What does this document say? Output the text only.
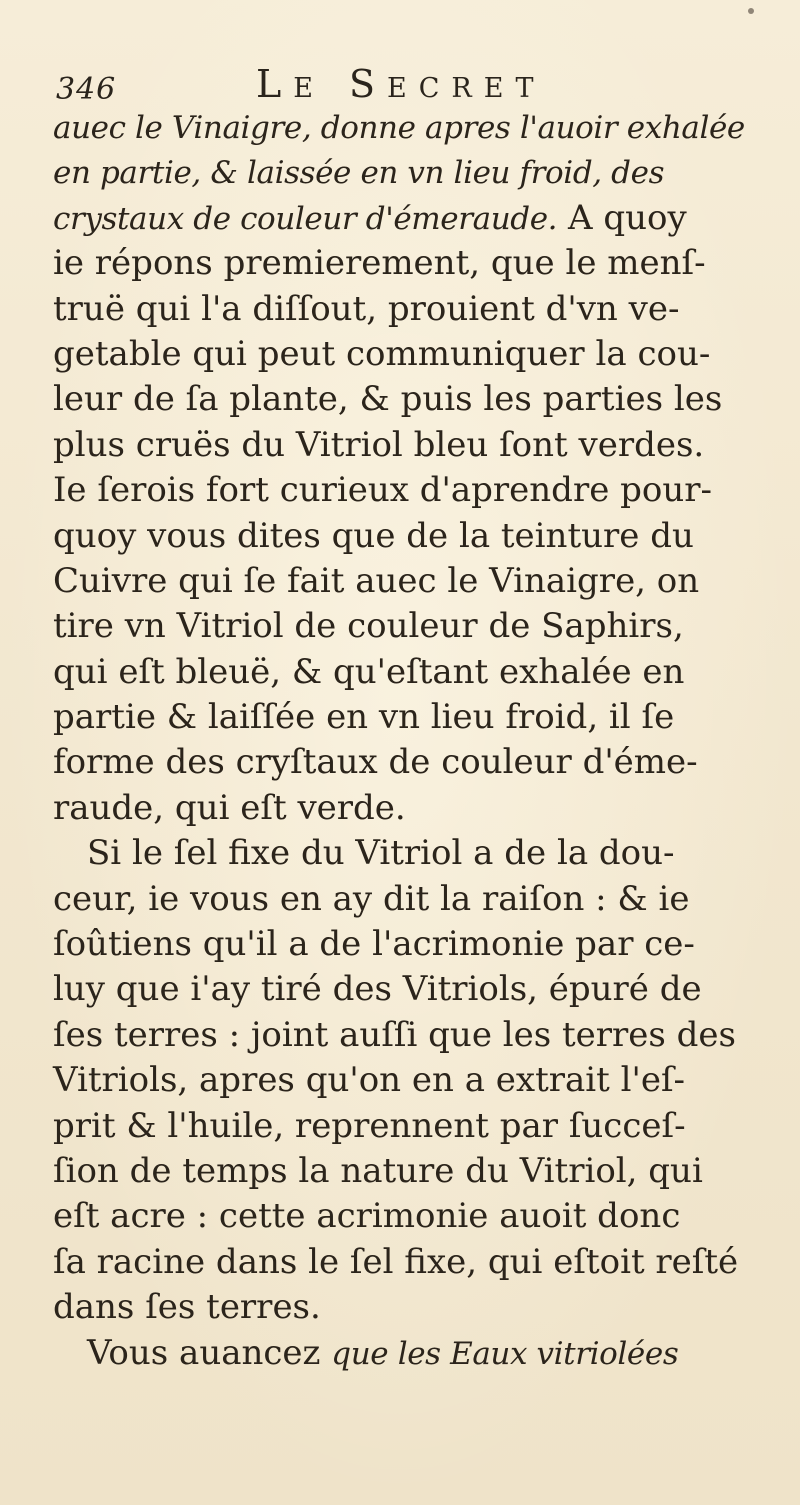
346	Le Secret
auec le Vinaigre, donne apres l'auoir exhalée
en partie, & laissée en vn lieu froid, des
crystaux de couleur d'émeraude. A quoy
ie répons premierement, que le menſ-
truë qui l'a diſſout, prouient d'vn ve-
getable qui peut communiquer la cou-
leur de ſa plante, & puis les parties les
plus cruës du Vitriol bleu ſont verdes.
Ie ſerois fort curieux d'aprendre pour-
quoy vous dites que de la teinture du
Cuivre qui ſe fait auec le Vinaigre, on
tire vn Vitriol de couleur de Saphirs,
qui eſt bleuë, & qu'eſtant exhalée en
partie & laiſſée en vn lieu froid, il ſe
forme des cryſtaux de couleur d'éme-
raude, qui eſt verde.
Si le ſel fixe du Vitriol a de la dou-
ceur, ie vous en ay dit la raiſon : & ie
ſoûtiens qu'il a de l'acrimonie par ce-
luy que i'ay tiré des Vitriols, épuré de
ſes terres : joint auſſi que les terres des
Vitriols, apres qu'on en a extrait l'eſ-
prit & l'huile, reprennent par ſucceſ-
ſion de temps la nature du Vitriol, qui
eſt acre : cette acrimonie auoit donc
ſa racine dans le ſel fixe, qui eſtoit reſté
dans ſes terres.
Vous auancez que les Eaux vitriolées
